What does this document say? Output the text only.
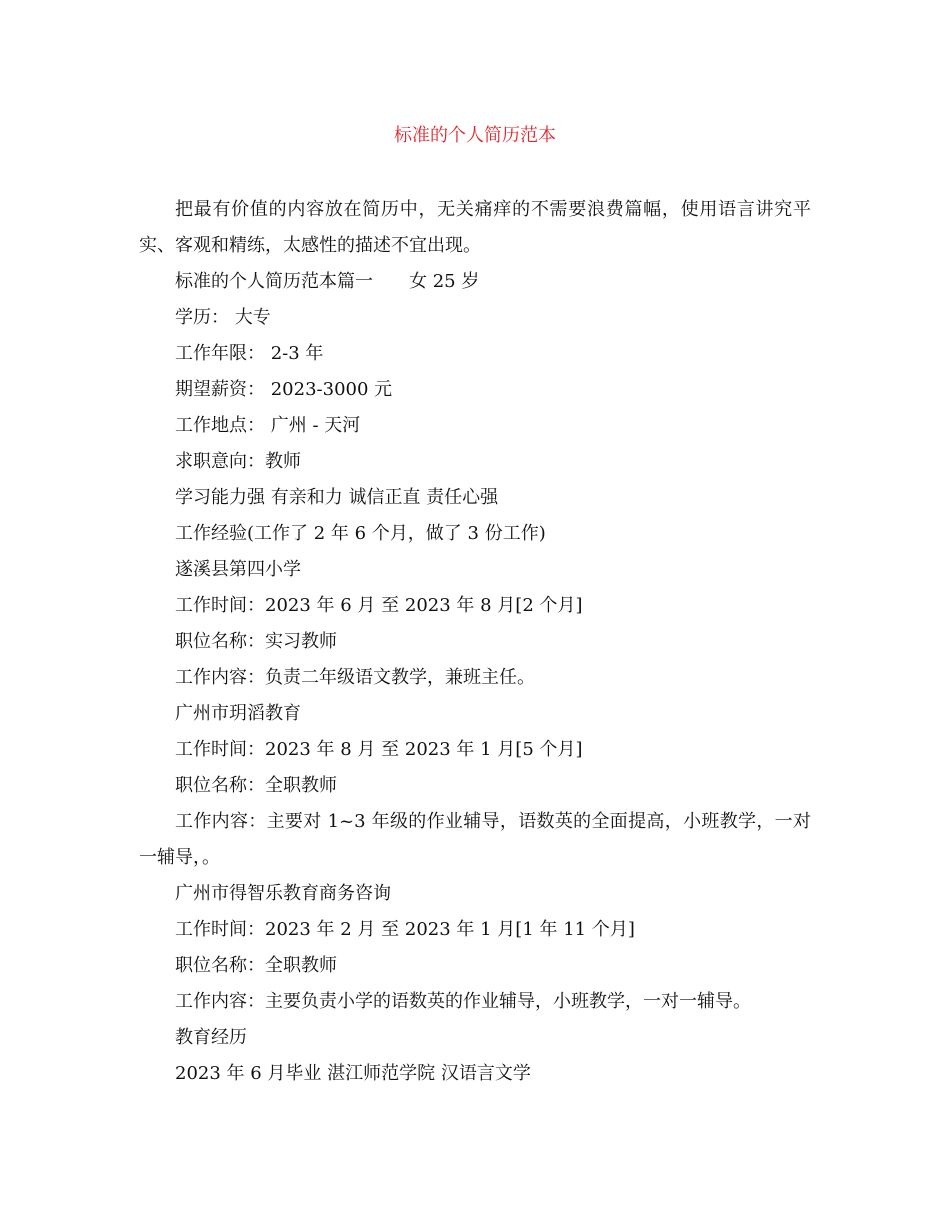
标准的个人简历范本

把最有价值的内容放在简历中，无关痛痒的不需要浪费篇幅，使用语言讲究平实、客观和精练，太感性的描述不宜出现。

标准的个人简历范本篇一 女 25 岁

学历： 大专

工作年限： 2-3 年

期望薪资： 2023-3000 元

工作地点： 广州 - 天河

求职意向：教师

学习能力强 有亲和力 诚信正直 责任心强

工作经验(工作了 2 年 6 个月，做了 3 份工作)

遂溪县第四小学

工作时间：2023 年 6 月 至 2023 年 8 月[2 个月]

职位名称：实习教师

工作内容：负责二年级语文教学，兼班主任。

广州市玥滔教育

工作时间：2023 年 8 月 至 2023 年 1 月[5 个月]

职位名称：全职教师

工作内容：主要对 1~3 年级的作业辅导，语数英的全面提高，小班教学，一对一辅导，。

广州市得智乐教育商务咨询

工作时间：2023 年 2 月 至 2023 年 1 月[1 年 11 个月]

职位名称：全职教师

工作内容：主要负责小学的语数英的作业辅导，小班教学，一对一辅导。

教育经历

2023 年 6 月毕业 湛江师范学院 汉语言文学
